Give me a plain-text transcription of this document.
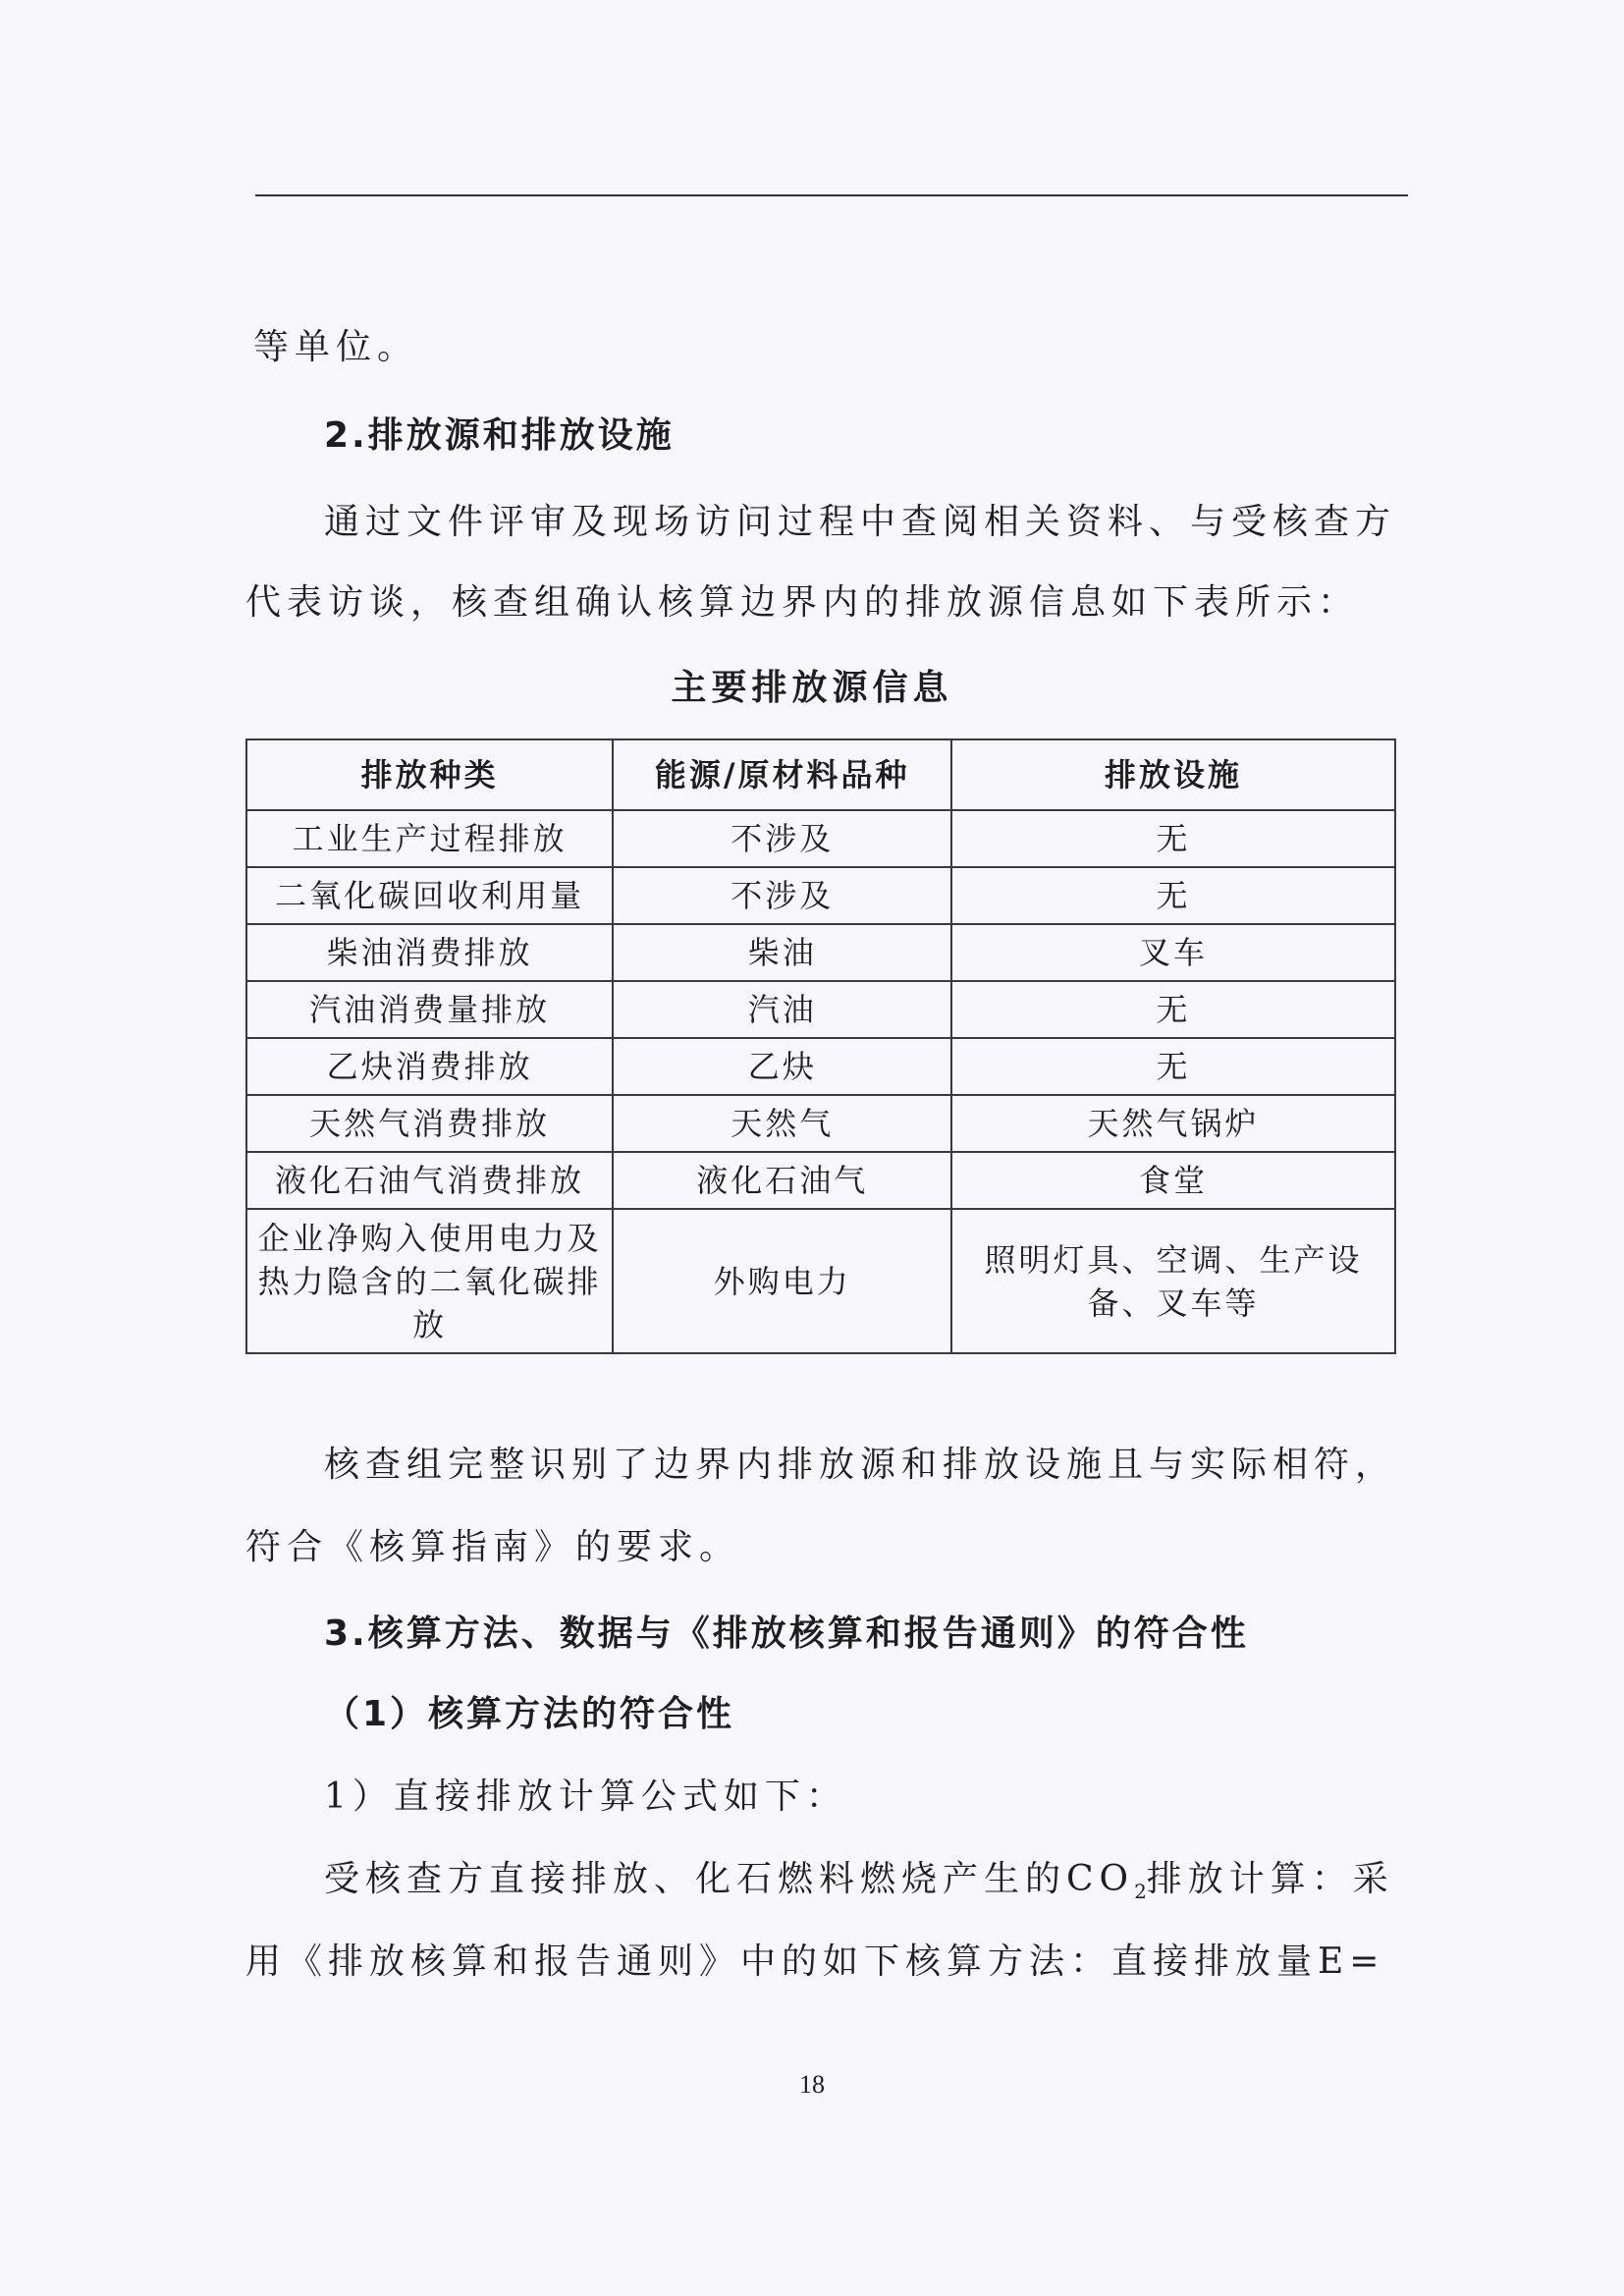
等单位。
2.排放源和排放设施
通过文件评审及现场访问过程中查阅相关资料、与受核查方
代表访谈，核查组确认核算边界内的排放源信息如下表所示：
主要排放源信息
排放种类	能源/原材料品种	排放设施
工业生产过程排放	不涉及	无
二氧化碳回收利用量	不涉及	无
柴油消费排放	柴油	叉车
汽油消费量排放	汽油	无
乙炔消费排放	乙炔	无
天然气消费排放	天然气	天然气锅炉
液化石油气消费排放	液化石油气	食堂
企业净购入使用电力及热力隐含的二氧化碳排放	外购电力	照明灯具、空调、生产设备、叉车等
核查组完整识别了边界内排放源和排放设施且与实际相符，
符合《核算指南》的要求。
3.核算方法、数据与《排放核算和报告通则》的符合性
（1）核算方法的符合性
1）直接排放计算公式如下：
受核查方直接排放、化石燃料燃烧产生的$CO_2$排放计算：采
用《排放核算和报告通则》中的如下核算方法：直接排放量E=
18
